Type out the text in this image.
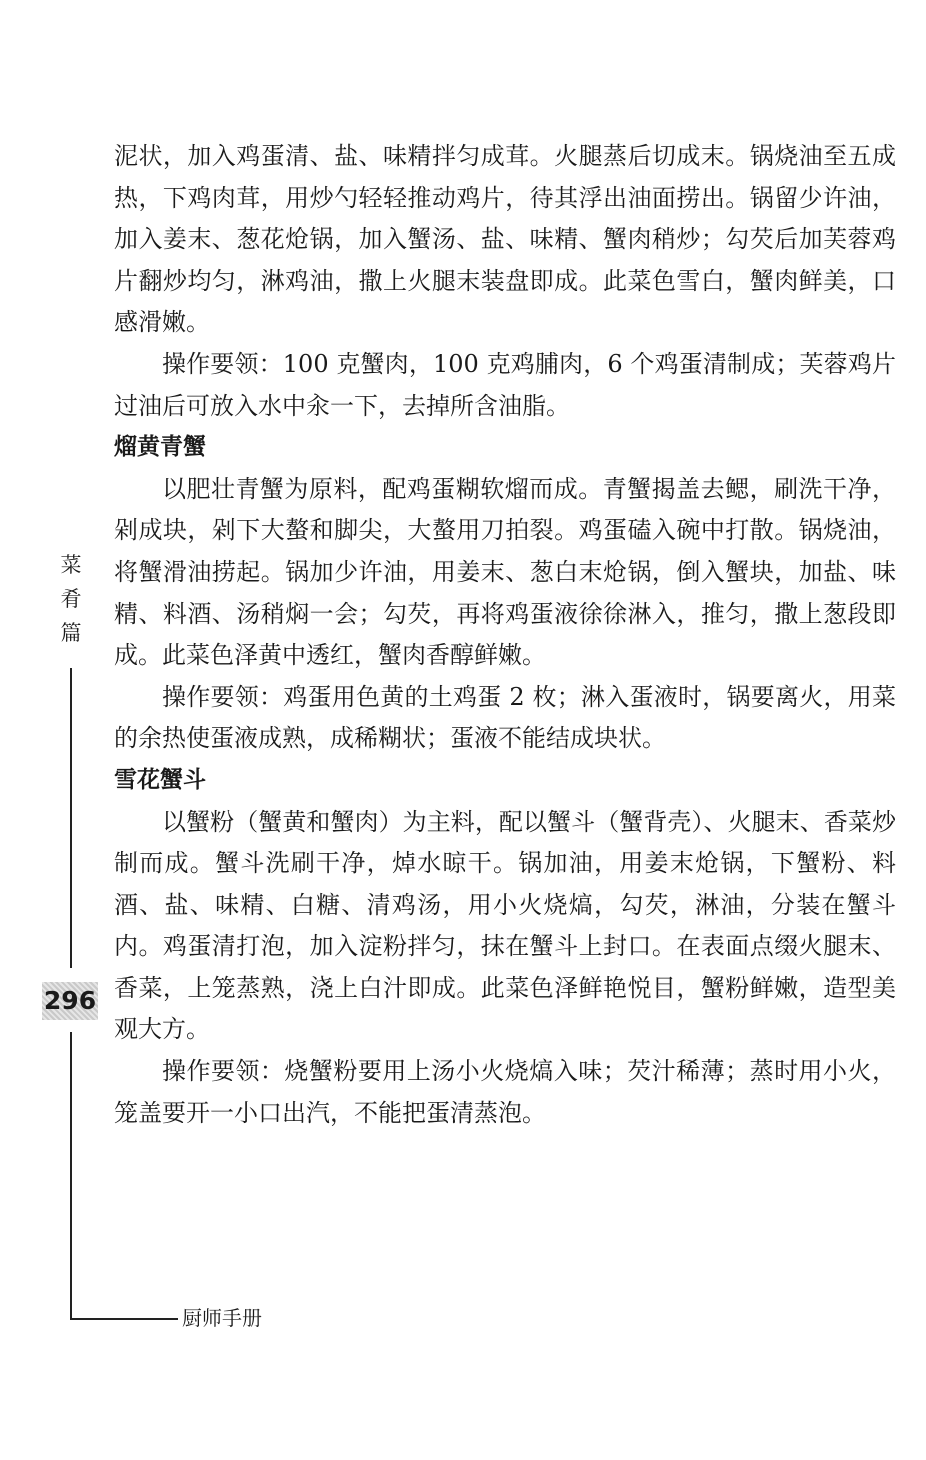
泥状，加入鸡蛋清、盐、味精拌匀成茸。火腿蒸后切成末。锅烧油至五成热，下鸡肉茸，用炒勺轻轻推动鸡片，待其浮出油面捞出。锅留少许油，加入姜末、葱花炝锅，加入蟹汤、盐、味精、蟹肉稍炒；勾芡后加芙蓉鸡片翻炒均匀，淋鸡油，撒上火腿末装盘即成。此菜色雪白，蟹肉鲜美，口感滑嫩。

操作要领：100 克蟹肉，100 克鸡脯肉，6 个鸡蛋清制成；芙蓉鸡片过油后可放入水中汆一下，去掉所含油脂。

熘黄青蟹

以肥壮青蟹为原料，配鸡蛋糊软熘而成。青蟹揭盖去鳃，刷洗干净，剁成块，剁下大螯和脚尖，大螯用刀拍裂。鸡蛋磕入碗中打散。锅烧油，将蟹滑油捞起。锅加少许油，用姜末、葱白末炝锅，倒入蟹块，加盐、味精、料酒、汤稍焖一会；勾芡，再将鸡蛋液徐徐淋入，推匀，撒上葱段即成。此菜色泽黄中透红，蟹肉香醇鲜嫩。

操作要领：鸡蛋用色黄的土鸡蛋 2 枚；淋入蛋液时，锅要离火，用菜的余热使蛋液成熟，成稀糊状；蛋液不能结成块状。

雪花蟹斗

以蟹粉（蟹黄和蟹肉）为主料，配以蟹斗（蟹背壳）、火腿末、香菜炒制而成。蟹斗洗刷干净，焯水晾干。锅加油，用姜末炝锅，下蟹粉、料酒、盐、味精、白糖、清鸡汤，用小火烧熇，勾芡，淋油，分装在蟹斗内。鸡蛋清打泡，加入淀粉拌匀，抹在蟹斗上封口。在表面点缀火腿末、香菜，上笼蒸熟，浇上白汁即成。此菜色泽鲜艳悦目，蟹粉鲜嫩，造型美观大方。

操作要领：烧蟹粉要用上汤小火烧熇入味；芡汁稀薄；蒸时用小火，笼盖要开一小口出汽，不能把蛋清蒸泡。

菜
肴
篇
296
厨师手册
